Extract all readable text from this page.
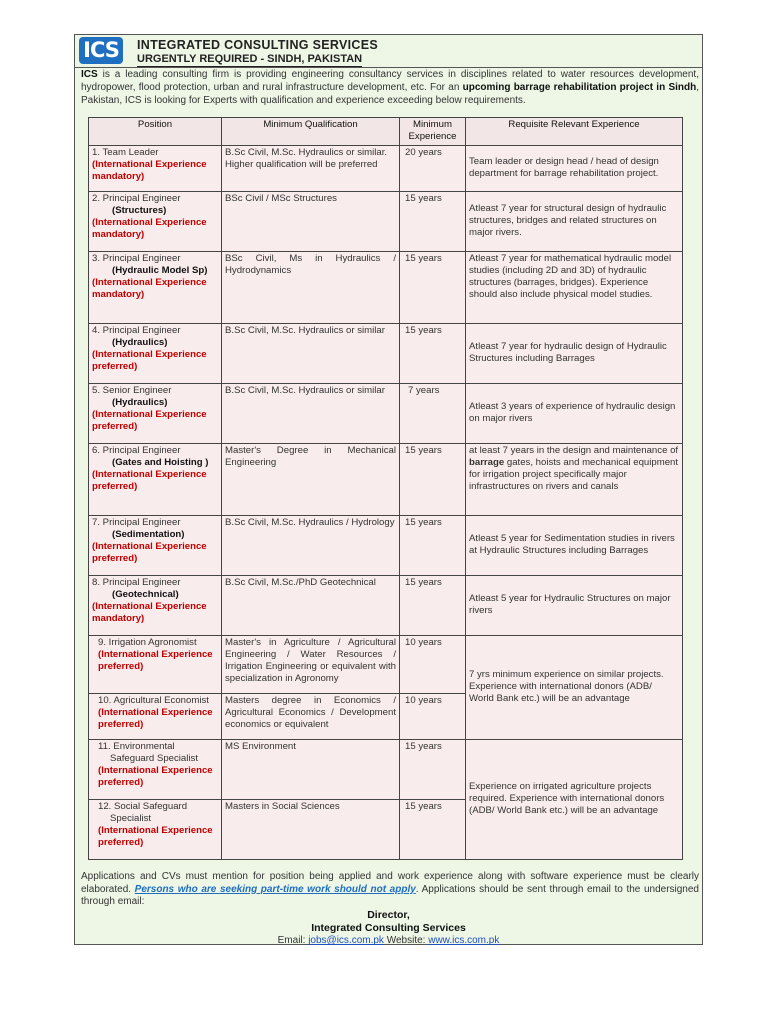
ICS	INTEGRATED CONSULTING SERVICES
URGENTLY REQUIRED - SINDH, PAKISTAN
ICS is a leading consulting firm is providing engineering consultancy services in disciplines related to water resources development, hydropower, flood protection, urban and rural infrastructure development, etc. For an upcoming barrage rehabilitation project in Sindh, Pakistan, ICS is looking for Experts with qualification and experience exceeding below requirements.
Position	Minimum Qualification	Minimum Experience	Requisite Relevant Experience

1. Team Leader
(International Experience mandatory)	B.Sc Civil, M.Sc. Hydraulics or similar. Higher qualification will be preferred	20 years	Team leader or design head / head of design department for barrage rehabilitation project.

2. Principal Engineer
(Structures)
(International Experience mandatory)	BSc Civil / MSc Structures	15 years	Atleast 7 year for structural design of hydraulic structures, bridges and related structures on major rivers.

3. Principal Engineer
(Hydraulic Model Sp)
(International Experience mandatory)	BSc Civil, Ms in Hydraulics / Hydrodynamics	15 years	Atleast 7 year for mathematical hydraulic model studies (including 2D and 3D) of hydraulic structures (barrages, bridges). Experience should also include physical model studies.

4. Principal Engineer
(Hydraulics)
(International Experience preferred)	B.Sc Civil, M.Sc. Hydraulics or similar	15 years	Atleast 7 year for hydraulic design of Hydraulic Structures including Barrages

5. Senior Engineer
(Hydraulics)
(International Experience preferred)	B.Sc Civil, M.Sc. Hydraulics or similar	7 years	Atleast 3 years of experience of hydraulic design on major rivers

6. Principal Engineer
(Gates and Hoisting )
(International Experience preferred)	Master's Degree in Mechanical Engineering	15 years	at least 7 years in the design and maintenance of barrage gates, hoists and mechanical equipment for irrigation project specifically major infrastructures on rivers and canals

7. Principal Engineer
(Sedimentation)
(International Experience preferred)	B.Sc Civil, M.Sc. Hydraulics / Hydrology	15 years	Atleast 5 year for Sedimentation studies in rivers at Hydraulic Structures including Barrages

8. Principal Engineer
(Geotechnical)
(International Experience mandatory)	B.Sc Civil, M.Sc./PhD Geotechnical	15 years	Atleast 5 year for Hydraulic Structures on major rivers

9. Irrigation Agronomist
(International Experience preferred)	Master's in Agriculture / Agricultural Engineering / Water Resources / Irrigation Engineering or equivalent with specialization in Agronomy	10 years	7 yrs minimum experience on similar projects. Experience with international donors (ADB/ World Bank etc.) will be an advantage

10. Agricultural Economist
(International Experience preferred)	Masters degree in Economics / Agricultural Economics / Development economics or equivalent	10 years	

11. Environmental
Safeguard Specialist
(International Experience preferred)	MS Environment	15 years	Experience on irrigated agriculture projects required. Experience with international donors (ADB/ World Bank etc.) will be an advantage

12. Social Safeguard
Specialist
(International Experience preferred)	Masters in Social Sciences	15 years	
Applications and CVs must mention for position being applied and work experience along with software experience must be clearly elaborated. Persons who are seeking part-time work should not apply. Applications should be sent through email to the undersigned through email:
Director,
Integrated Consulting Services
Email: jobs@ics.com.pk Website: www.ics.com.pk
